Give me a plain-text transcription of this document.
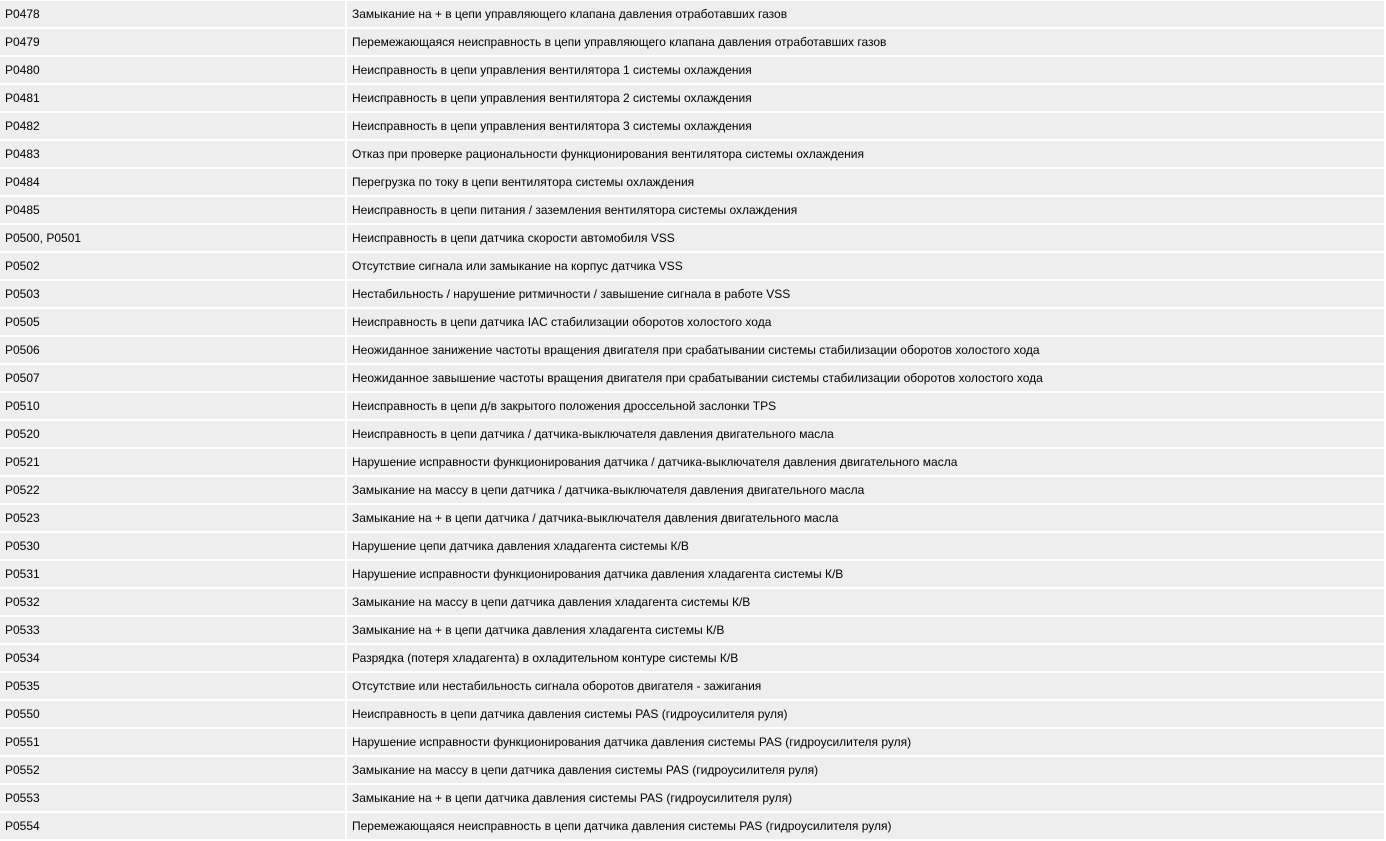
P0478	Замыкание на + в цепи управляющего клапана давления отработавших газов
P0479	Перемежающаяся неисправность в цепи управляющего клапана давления отработавших газов
P0480	Неисправность в цепи управления вентилятора 1 системы охлаждения
P0481	Неисправность в цепи управления вентилятора 2 системы охлаждения
P0482	Неисправность в цепи управления вентилятора 3 системы охлаждения
P0483	Отказ при проверке рациональности функционирования вентилятора системы охлаждения
P0484	Перегрузка по току в цепи вентилятора системы охлаждения
P0485	Неисправность в цепи питания / заземления вентилятора системы охлаждения
P0500, P0501	Неисправность в цепи датчика скорости автомобиля VSS
P0502	Отсутствие сигнала или замыкание на корпус датчика VSS
P0503	Нестабильность / нарушение ритмичности / завышение сигнала в работе VSS
P0505	Неисправность в цепи датчика IAC стабилизации оборотов холостого хода
P0506	Неожиданное занижение частоты вращения двигателя при срабатывании системы стабилизации оборотов холостого хода
P0507	Неожиданное завышение частоты вращения двигателя при срабатывании системы стабилизации оборотов холостого хода
P0510	Неисправность в цепи д/в закрытого положения дроссельной заслонки TPS
P0520	Неисправность в цепи датчика / датчика-выключателя давления двигательного масла
P0521	Нарушение исправности функционирования датчика / датчика-выключателя давления двигательного масла
P0522	Замыкание на массу в цепи датчика / датчика-выключателя давления двигательного масла
P0523	Замыкание на + в цепи датчика / датчика-выключателя давления двигательного масла
P0530	Нарушение цепи датчика давления хладагента системы К/В
P0531	Нарушение исправности функционирования датчика давления хладагента системы К/В
P0532	Замыкание на массу в цепи датчика давления хладагента системы К/В
P0533	Замыкание на + в цепи датчика давления хладагента системы К/В
P0534	Разрядка (потеря хладагента) в охладительном контуре системы К/В
P0535	Отсутствие или нестабильность сигнала оборотов двигателя - зажигания
P0550	Неисправность в цепи датчика давления системы PAS (гидроусилителя руля)
P0551	Нарушение исправности функционирования датчика давления системы PAS (гидроусилителя руля)
P0552	Замыкание на массу в цепи датчика давления системы PAS (гидроусилителя руля)
P0553	Замыкание на + в цепи датчика давления системы PAS (гидроусилителя руля)
P0554	Перемежающаяся неисправность в цепи датчика давления системы PAS (гидроусилителя руля)
